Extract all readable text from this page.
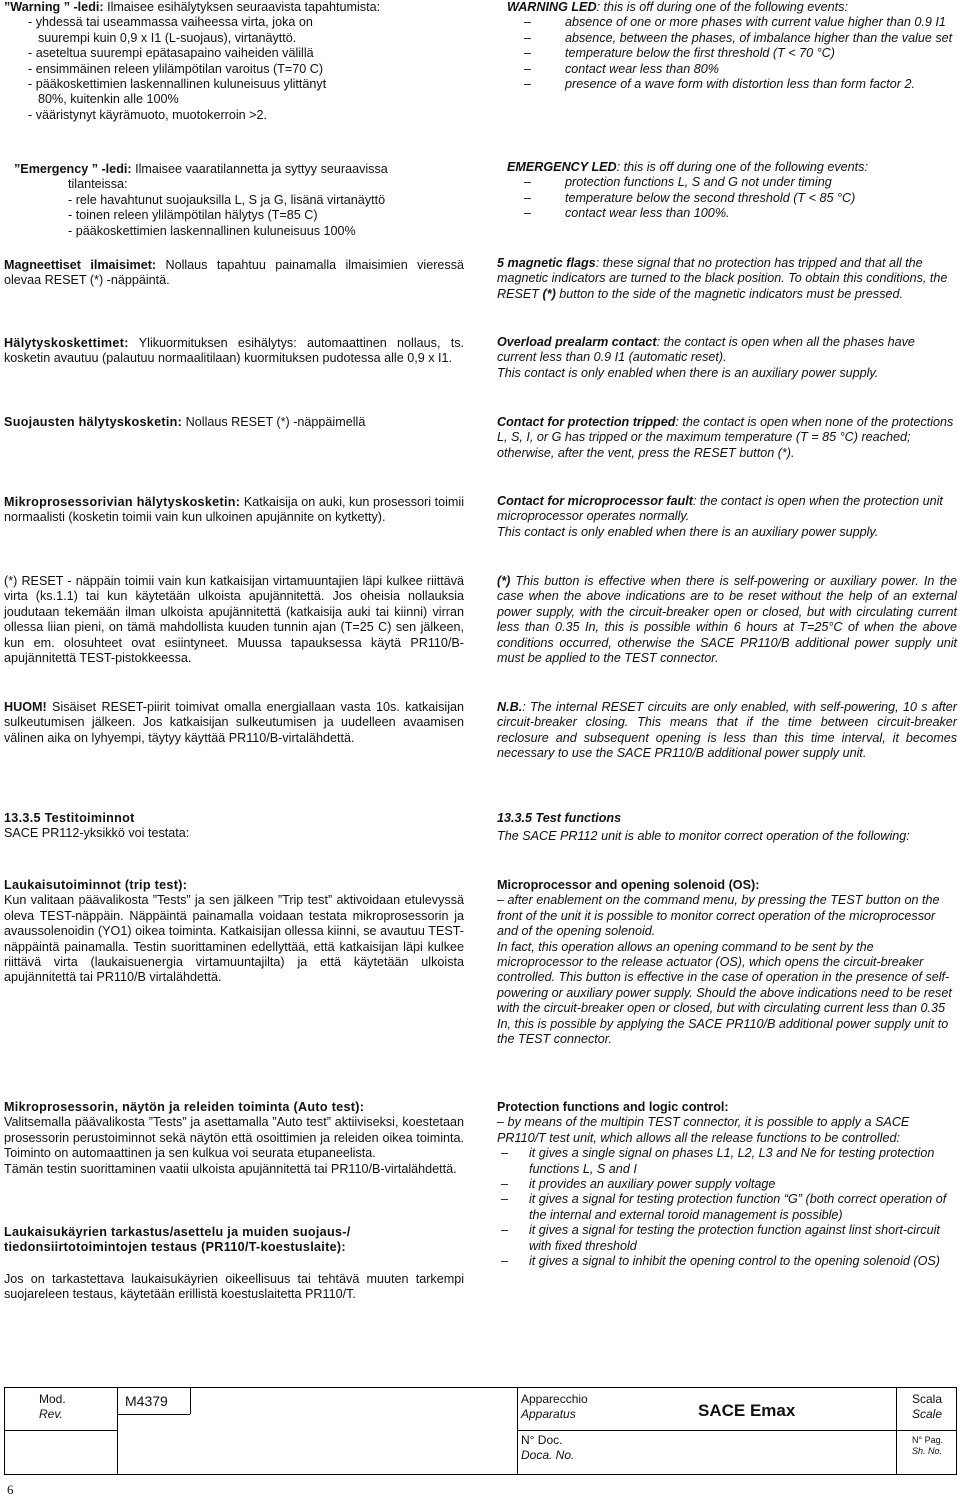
”Warning ” -ledi: Ilmaisee esihälytyksen seuraavista tapahtumista:

- yhdessä tai useammassa vaiheessa virta, joka on

suurempi kuin 0,9 x I1 (L-suojaus), virtanäyttö.

- aseteltua suurempi epätasapaino vaiheiden välillä

- ensimmäinen releen ylilämpötilan varoitus (T=70 C)

- pääkoskettimien laskennallinen kuluneisuus ylittänyt

80%, kuitenkin alle 100%

- vääristynyt käyrämuoto, muotokerroin >2.

”Emergency ” -ledi: Ilmaisee vaaratilannetta ja syttyy seuraavissa

tilanteissa:

- rele havahtunut suojauksilla L, S ja G, lisänä virtanäyttö

- toinen releen ylilämpötilan hälytys (T=85 C)

- pääkoskettimien laskennallinen kuluneisuus 100%

Magneettiset ilmaisimet: Nollaus tapahtuu painamalla ilmaisimien vieressä olevaa RESET (*) -näppäintä.

Hälytyskoskettimet: Ylikuormituksen esihälytys: automaattinen nollaus, ts. kosketin avautuu (palautuu normaalitilaan) kuormituksen pudotessa alle 0,9 x I1.

Suojausten hälytyskosketin: Nollaus RESET (*) -näppäimellä

Mikroprosessorivian hälytyskosketin: Katkaisija on auki, kun prosessori toimii normaalisti (kosketin toimii vain kun ulkoinen apujännite on kytketty).

(*) RESET - näppäin toimii vain kun katkaisijan virtamuuntajien läpi kulkee riittävä virta (ks.1.1) tai kun käytetään ulkoista apujännitettä. Jos oheisia nollauksia joudutaan tekemään ilman ulkoista apujännitettä (katkaisija auki tai kiinni) virran ollessa liian pieni, on tämä mahdollista kuuden tunnin ajan (T=25 C) sen jälkeen, kun em. olosuhteet ovat esiintyneet. Muussa tapauksessa käytä PR110/B-apujännitettä TEST-pistokkeessa.

HUOM! Sisäiset RESET-piirit toimivat omalla energiallaan vasta 10s. katkaisijan sulkeutumisen jälkeen. Jos katkaisijan sulkeutumisen ja uudelleen avaamisen välinen aika on lyhyempi, täytyy käyttää PR110/B-virtalähdettä.

13.3.5 Testitoiminnot

SACE PR112-yksikkö voi testata:

Laukaisutoiminnot (trip test):

Kun valitaan päävalikosta ”Tests” ja sen jälkeen ”Trip test” aktivoidaan etulevyssä oleva TEST-näppäin. Näppäintä painamalla voidaan testata mikroprosessorin ja avaussolenoidin (YO1) oikea toiminta. Katkaisijan ollessa kiinni, se avautuu TEST- näppäintä painamalla. Testin suorittaminen edellyttää, että katkaisijan läpi kulkee riittävä virta (laukaisuenergia virtamuuntajilta) ja että käytetään ulkoista apujännitettä tai PR110/B virtalähdettä.

Mikroprosessorin, näytön ja releiden toiminta (Auto test):

Valitsemalla päävalikosta ”Tests” ja asettamalla ”Auto test” aktiiviseksi, koestetaan prosessorin perustoiminnot sekä näytön että osoittimien ja releiden oikea toiminta. Toiminto on automaattinen ja sen kulkua voi seurata etupaneelista.

Tämän testin suorittaminen vaatii ulkoista apujännitettä tai PR110/B-virtalähdettä.

Laukaisukäyrien tarkastus/asettelu ja muiden suojaus-/ tiedonsiirtotoimintojen testaus (PR110/T-koestuslaite):

Jos on tarkastettava laukaisukäyrien oikeellisuus tai tehtävä muuten tarkempi suojareleen testaus, käytetään erillistä koestuslaitetta PR110/T.

WARNING LED: this is off during one of the following events:

–	absence of one or more phases with current value higher than 0.9 I1

–	absence, between the phases, of imbalance higher than the value set

–	temperature below the first threshold (T < 70 °C)

–	contact wear less than 80%

–	presence of a wave form with distortion less than form factor 2.

EMERGENCY LED: this is off during one of the following events:

–	protection functions L, S and G not under timing

–	temperature below the second threshold (T < 85 °C)

–	contact wear less than 100%.

5 magnetic flags: these signal that no protection has tripped and that all the magnetic indicators are turned to the black position. To obtain this conditions, the RESET (*) button to the side of the magnetic indicators must be pressed.

Overload prealarm contact: the contact is open when all the phases have current less than 0.9 I1 (automatic reset).

This contact is only enabled when there is an auxiliary power supply.

Contact for protection tripped: the contact is open when none of the protections L, S, I, or G has tripped or the maximum temperature (T = 85 °C) reached; otherwise, after the vent, press the RESET button (*).

Contact for microprocessor fault: the contact is open when the protection unit microprocessor operates normally.

This contact is only enabled when there is an auxiliary power supply.

(*) This button is effective when there is self-powering or auxiliary power. In the case when the above indications are to be reset without the help of an external power supply, with the circuit-breaker open or closed, but with circulating current less than 0.35 In, this is possible within 6 hours at T=25°C of when the above conditions occurred, otherwise the SACE PR110/B additional power supply unit must be applied to the TEST connector.

N.B.: The internal RESET circuits are only enabled, with self-powering, 10 s after circuit-breaker closing. This means that if the time between circuit-breaker reclosure and subsequent opening is less than this time interval, it becomes necessary to use the SACE PR110/B additional power supply unit.

13.3.5 Test functions

The SACE PR112 unit is able to monitor correct operation of the following:

Microprocessor and opening solenoid (OS):

– after enablement on the command menu, by pressing the TEST button on the front of the unit it is possible to monitor correct operation of the microprocessor and of the opening solenoid.

In fact, this operation allows an opening command to be sent by the microprocessor to the release actuator (OS), which opens the circuit-breaker controlled. This button is effective in the case of operation in the presence of self-powering or auxiliary power supply. Should the above indications need to be reset with the circuit-breaker open or closed, but with circulating current less than 0.35 In, this is possible by applying the SACE PR110/B additional power supply unit to the TEST connector.

Protection functions and logic control:

– by means of the multipin TEST connector, it is possible to apply a SACE PR110/T test unit, which allows all the release functions to be controlled:

– it gives a single signal on phases L1, L2, L3 and Ne for testing protection functions L, S and I

– it provides an auxiliary power supply voltage

– it gives a signal for testing protection function “G” (both correct operation of the internal and external toroid management is possible)

– it gives a signal for testing the protection function against linst short-circuit with fixed threshold

– it gives a signal to inhibit the opening control to the opening solenoid (OS)

Mod.
Rev.
M4379	Apparecchio
Apparatus	SACE Emax
N° Doc.
Doca. No.
Scala
Scale
N° Pag.
Sh. No.
6
